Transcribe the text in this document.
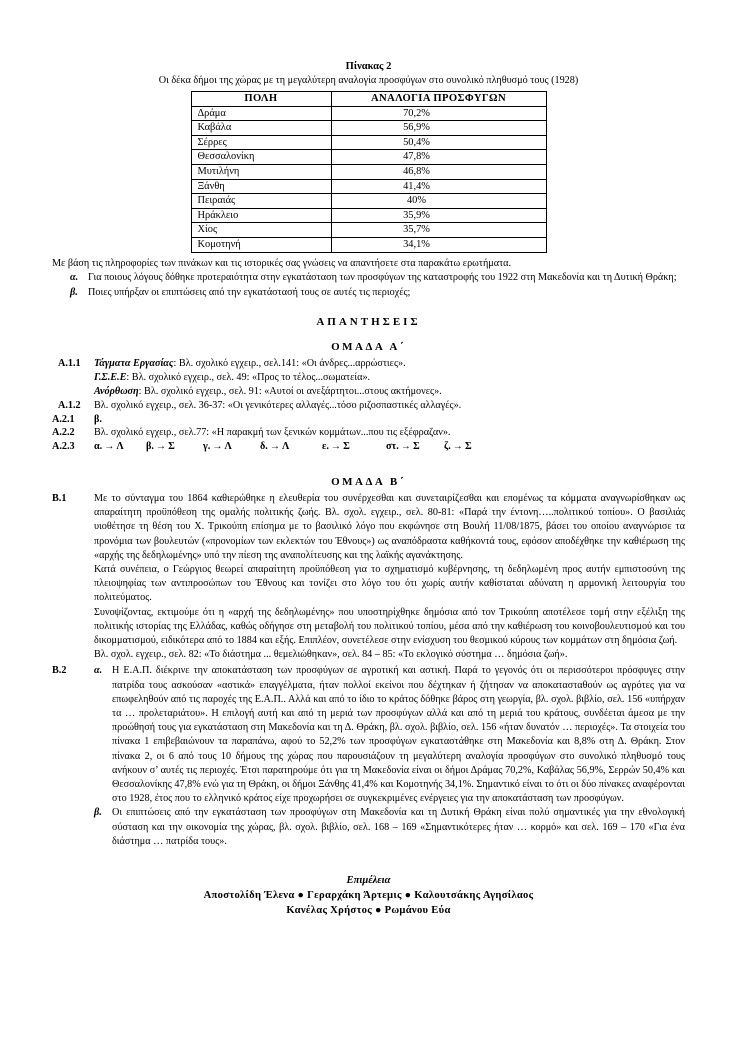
Πίνακας 2
Οι δέκα δήμοι της χώρας με τη μεγαλύτερη αναλογία προσφύγων στο συνολικό πληθυσμό τους (1928)
ΠΟΛΗ	ΑΝΑΛΟΓΙΑ ΠΡΟΣΦΥΓΩΝ
Δράμα	70,2%
Καβάλα	56,9%
Σέρρες	50,4%
Θεσσαλονίκη	47,8%
Μυτιλήνη	46,8%
Ξάνθη	41,4%
Πειραιάς	40%
Ηράκλειο	35,9%
Χίος	35,7%
Κομοτηνή	34,1%

Με βάση τις πληροφορίες των πινάκων και τις ιστορικές σας γνώσεις να απαντήσετε στα παρακάτω ερωτήματα.

α. Για ποιους λόγους δόθηκε προτεραιότητα στην εγκατάσταση των προσφύγων της καταστροφής του 1922 στη Μακεδονία και τη Δυτική Θράκη;
β.	Ποιες υπήρξαν οι επιπτώσεις από την εγκατάστασή τους σε αυτές τις περιοχές;
ΑΠΑΝΤΗΣΕΙΣ
ΟΜΑΔΑ Α΄
Α.1.1	Τάγματα Εργασίας: Βλ. σχολικό εγχειρ., σελ.141: «Οι άνδρες...αρρώστιες».
Γ.Σ.Ε.Ε: Βλ. σχολικό εγχειρ., σελ. 49: «Προς το τέλος...σωματεία».
Ανόρθωση: Βλ. σχολικό εγχειρ., σελ. 91: «Αυτοί οι ανεξάρτητοι...στους ακτήμονες».
Α.1.2	Βλ. σχολικό εγχειρ., σελ. 36-37: «Οι γενικότερες αλλαγές...τόσο ριζοσπαστικές αλλαγές».
Α.2.1	β.
Α.2.2	Βλ. σχολικό εγχειρ., σελ.77: «Η παρακμή των ξενικών κομμάτων...που τις εξέφραζαν».
Α.2.3	α. → Λ	β. → Σ	γ. → Λ	δ. → Λ	ε. → Σ	στ. → Σ	ζ. → Σ
ΟΜΑΔΑ Β΄
Β.1	Με το σύνταγμα του 1864 καθιερώθηκε η ελευθερία του συνέρχεσθαι και συνεταιρίζεσθαι και επομένως τα κόμματα αναγνωρίσθηκαν ως απαραίτητη προϋπόθεση της ομαλής πολιτικής ζωής. Βλ. σχολ. εγχειρ., σελ. 80-81: «Παρά την έντονη…..πολιτικού τοπίου». Ο βασιλιάς υιοθέτησε τη θέση του Χ. Τρικούπη επίσημα με το βασιλικό λόγο που εκφώνησε στη Βουλή 11/08/1875, βάσει του οποίου αναγνώρισε τα προνόμια των βουλευτών («προνομίων των εκλεκτών του Έθνους») ως αναπόδραστα καθήκοντά τους, εφόσον αποδέχθηκε την καθιέρωση της «αρχής της δεδηλωμένης» υπό την πίεση της αναπολίτευσης και της λαϊκής αγανάκτησης.

Κατά συνέπεια, ο Γεώργιος θεωρεί απαραίτητη προϋπόθεση για το σχηματισμό κυβέρνησης, τη δεδηλωμένη προς αυτήν εμπιστοσύνη της πλειοψηφίας των αντιπροσώπων του Έθνους και τονίζει στο λόγο του ότι χωρίς αυτήν καθίσταται αδύνατη η αρμονική λειτουργία του πολιτεύματος.

Συνοψίζοντας, εκτιμούμε ότι η «αρχή της δεδηλωμένης» που υποστηρίχθηκε δημόσια από τον Τρικούπη αποτέλεσε τομή στην εξέλιξη της πολιτικής ιστορίας της Ελλάδας, καθώς οδήγησε στη μεταβολή του πολιτικού τοπίου, μέσα από την καθιέρωση του κοινοβουλευτισμού και του δικομματισμού, ειδικότερα από το 1884 και εξής. Επιπλέον, συνετέλεσε στην ενίσχυση του θεσμικού κύρους των κομμάτων στη δημόσια ζωή.

Βλ. σχολ. εγχειρ., σελ. 82: «Το διάστημα ... θεμελιώθηκαν», σελ. 84 – 85: «Το εκλογικό σύστημα … δημόσια ζωή».

Β.2	α. Η Ε.Α.Π. διέκρινε την αποκατάσταση των προσφύγων σε αγροτική και αστική. Παρά το γεγονός ότι οι περισσότεροι πρόσφυγες στην πατρίδα τους ασκούσαν «αστικά» επαγγέλματα, ήταν πολλοί εκείνοι που δέχτηκαν ή ζήτησαν να αποκατασταθούν ως αγρότες για να επωφεληθούν από τις παροχές της Ε.Α.Π.. Αλλά και από το ίδιο το κράτος δόθηκε βάρος στη γεωργία, βλ. σχολ. βιβλίο, σελ. 156 «υπήρχαν τα … προλεταριάτου». Η επιλογή αυτή και από τη μεριά των προσφύγων αλλά και από τη μεριά του κράτους, συνδέεται άμεσα με την προώθησή τους για εγκατάσταση στη Μακεδονία και τη Δ. Θράκη, βλ. σχολ. βιβλίο, σελ. 156 «ήταν δυνατόν … περιοχές». Τα στοιχεία του πίνακα 1 επιβεβαιώνουν τα παραπάνω, αφού το 52,2% των προσφύγων εγκαταστάθηκε στη Μακεδονία και 8,8% στη Δ. Θράκη. Στον πίνακα 2, οι 6 από τους 10 δήμους της χώρας που παρουσιάζουν τη μεγαλύτερη αναλογία προσφύγων στο συνολικό πληθυσμό τους ανήκουν σ’ αυτές τις περιοχές. Έτσι παρατηρούμε ότι για τη Μακεδονία είναι οι δήμοι Δράμας 70,2%, Καβάλας 56,9%, Σερρών 50,4% και Θεσσαλονίκης 47,8% ενώ για τη Θράκη, οι δήμοι Ξάνθης 41,4% και Κομοτηνής 34,1%. Σημαντικό είναι το ότι οι δύο πίνακες αναφέρονται στο 1928, έτος που το ελληνικό κράτος είχε προχωρήσει σε συγκεκριμένες ενέργειες για την αποκατάσταση των προσφύγων.
β.	Οι επιπτώσεις από την εγκατάσταση των προσφύγων στη Μακεδονία και τη Δυτική Θράκη είναι πολύ σημαντικές για την εθνολογική σύσταση και την οικονομία της χώρας, βλ. σχολ. βιβλίο, σελ. 168 – 169 «Σημαντικότερες ήταν … κορμό» και σελ. 169 – 170 «Για ένα διάστημα … πατρίδα τους».
Επιμέλεια
Αποστολίδη Έλενα ● Γεραρχάκη Άρτεμις ● Καλουτσάκης Αγησίλαος
Κανέλας Χρήστος ● Ρωμάνου Εύα
